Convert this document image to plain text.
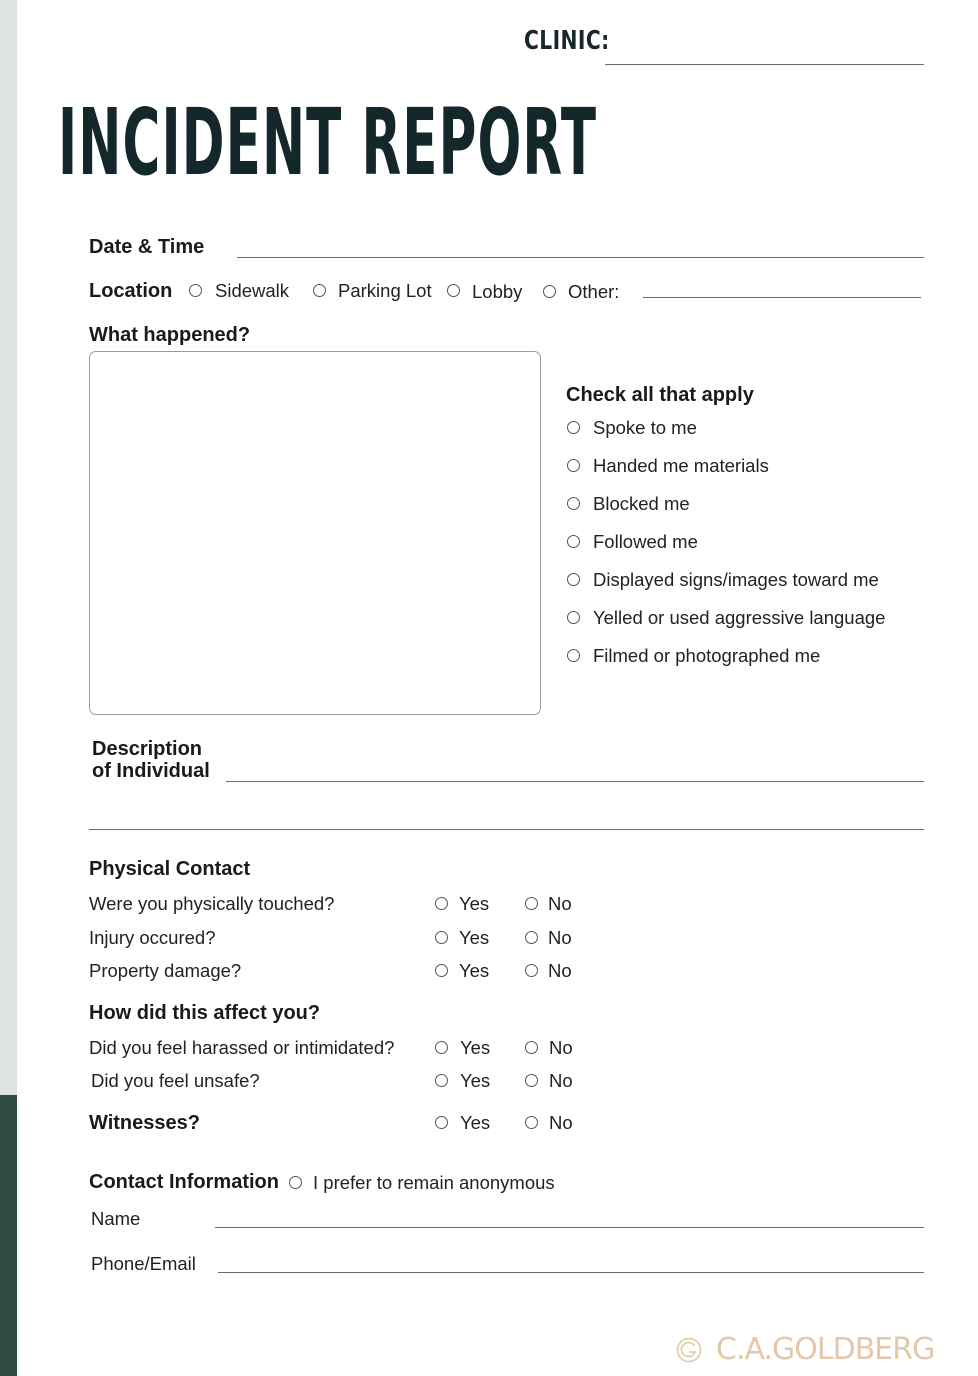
CLINIC:
INCIDENT REPORT
Date & Time
Location Sidewalk	Parking Lot Lobby Other:
What happened?
Check all that apply
Spoke to me
Handed me materials
Blocked me
Followed me
Displayed signs/images toward me
Yelled or used aggressive language
Filmed or photographed me
Description
of Individual
Physical Contact
Were you physically touched?	Yes	No
Injury occured?	Yes	No
Property damage?	Yes	No
How did this affect you?
Did you feel harassed or intimidated?	Yes	No
Did you feel unsafe?	Yes	No
Witnesses?	Yes	No
Contact Information I prefer to remain anonymous
Name
Phone/Email
C.A.GOLDBERG
